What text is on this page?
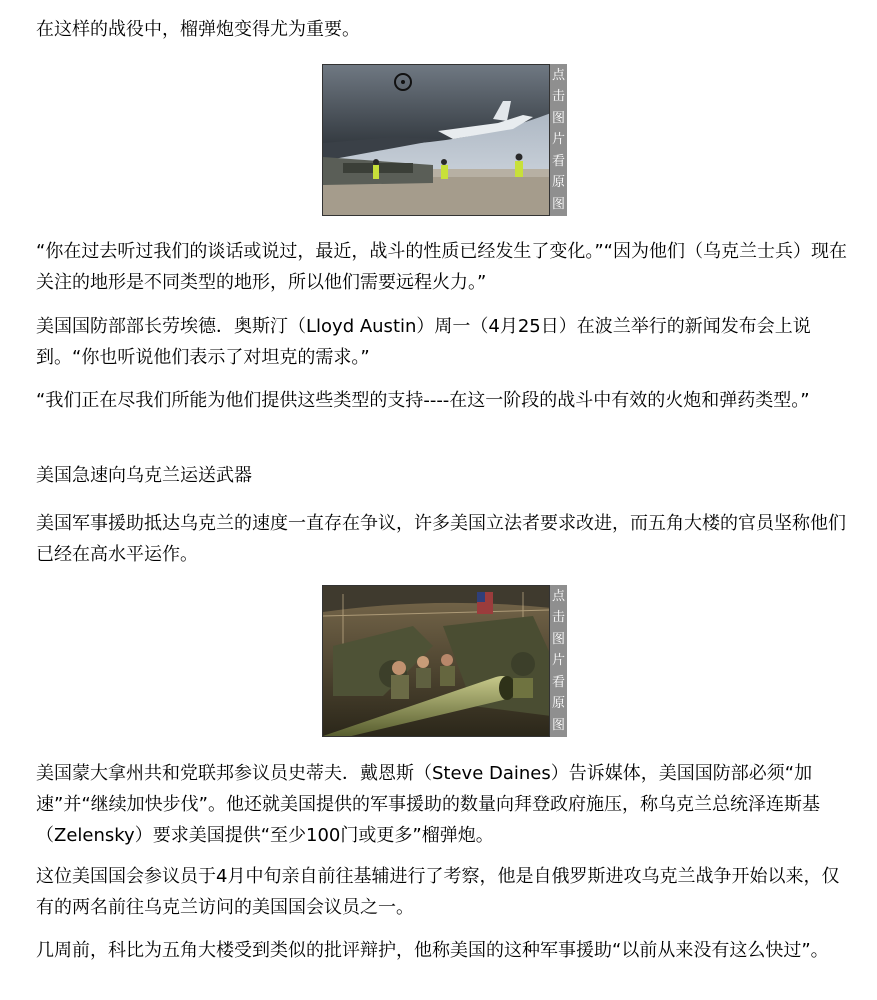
在这样的战役中，榴弹炮变得尤为重要。

点
击
图
片
看
原
图

“你在过去听过我们的谈话或说过，最近，战斗的性质已经发生了变化。”“因为他们（乌克兰士兵）现在关注的地形是不同类型的地形，所以他们需要远程火力。”

美国国防部部长劳埃德．奥斯汀（Lloyd Austin）周一（4月25日）在波兰举行的新闻发布会上说到。“你也听说他们表示了对坦克的需求。”

“我们正在尽我们所能为他们提供这些类型的支持----在这一阶段的战斗中有效的火炮和弹药类型。”

美国急速向乌克兰运送武器

美国军事援助抵达乌克兰的速度一直存在争议，许多美国立法者要求改进，而五角大楼的官员坚称他们已经在高水平运作。

点
击
图
片
看
原
图

美国蒙大拿州共和党联邦参议员史蒂夫．戴恩斯（Steve Daines）告诉媒体，美国国防部必须“加速”并“继续加快步伐”。他还就美国提供的军事援助的数量向拜登政府施压，称乌克兰总统泽连斯基（Zelensky）要求美国提供“至少100门或更多”榴弹炮。

这位美国国会参议员于4月中旬亲自前往基辅进行了考察，他是自俄罗斯进攻乌克兰战争开始以来，仅有的两名前往乌克兰访问的美国国会议员之一。

几周前，科比为五角大楼受到类似的批评辩护，他称美国的这种军事援助“以前从来没有这么快过”。
